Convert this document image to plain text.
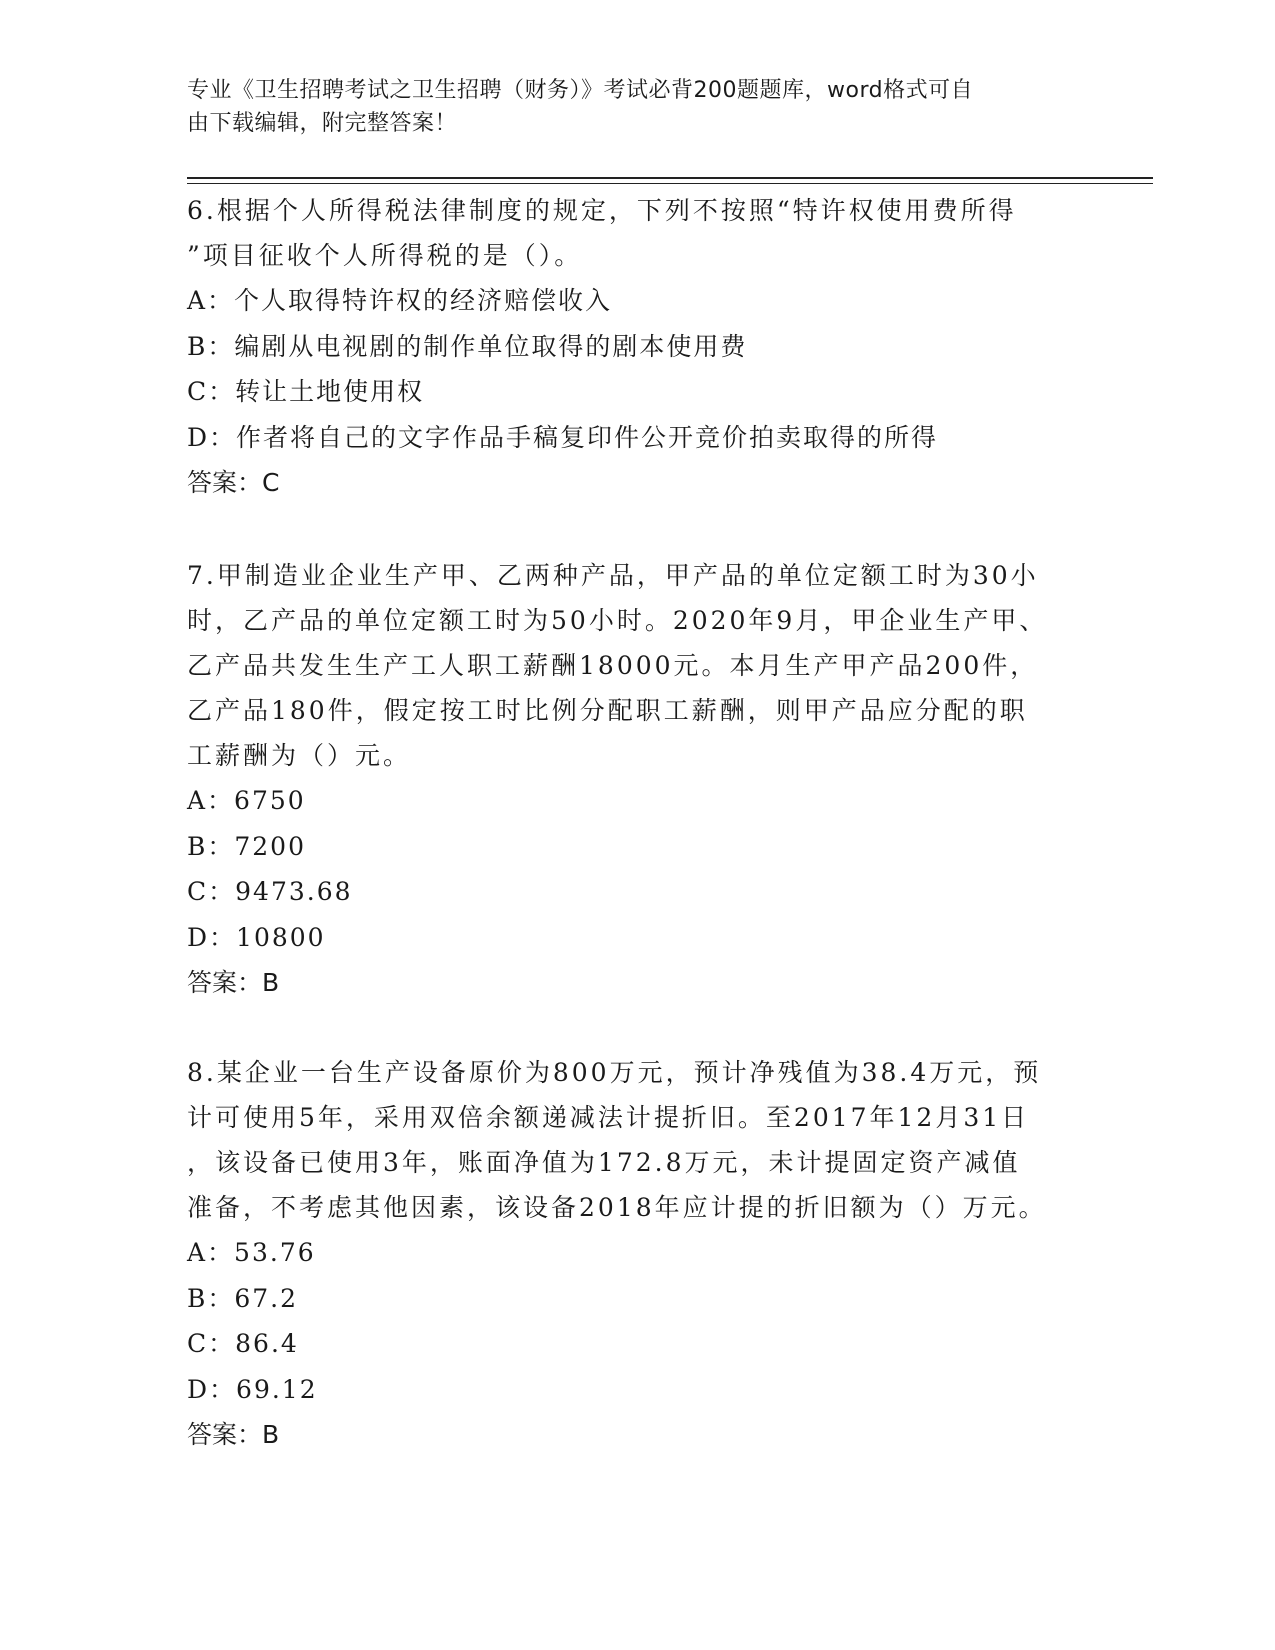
专业《卫生招聘考试之卫生招聘（财务）》考试必背200题题库，word格式可自
由下载编辑，附完整答案！

6.根据个人所得税法律制度的规定，下列不按照“特许权使用费所得

”项目征收个人所得税的是（）。

A：个人取得特许权的经济赔偿收入

B：编剧从电视剧的制作单位取得的剧本使用费

C：转让土地使用权

D：作者将自己的文字作品手稿复印件公开竞价拍卖取得的所得

答案：C

7.甲制造业企业生产甲、乙两种产品，甲产品的单位定额工时为30小

时，乙产品的单位定额工时为50小时。2020年9月，甲企业生产甲、

乙产品共发生生产工人职工薪酬18000元。本月生产甲产品200件，

乙产品180件，假定按工时比例分配职工薪酬，则甲产品应分配的职

工薪酬为（）元。

A：6750

B：7200

C：9473.68

D：10800

答案：B

8.某企业一台生产设备原价为800万元，预计净残值为38.4万元，预

计可使用5年，采用双倍余额递减法计提折旧。至2017年12月31日

，该设备已使用3年，账面净值为172.8万元，未计提固定资产减值

准备，不考虑其他因素，该设备2018年应计提的折旧额为（）万元。

A：53.76

B：67.2

C：86.4

D：69.12

答案：B
